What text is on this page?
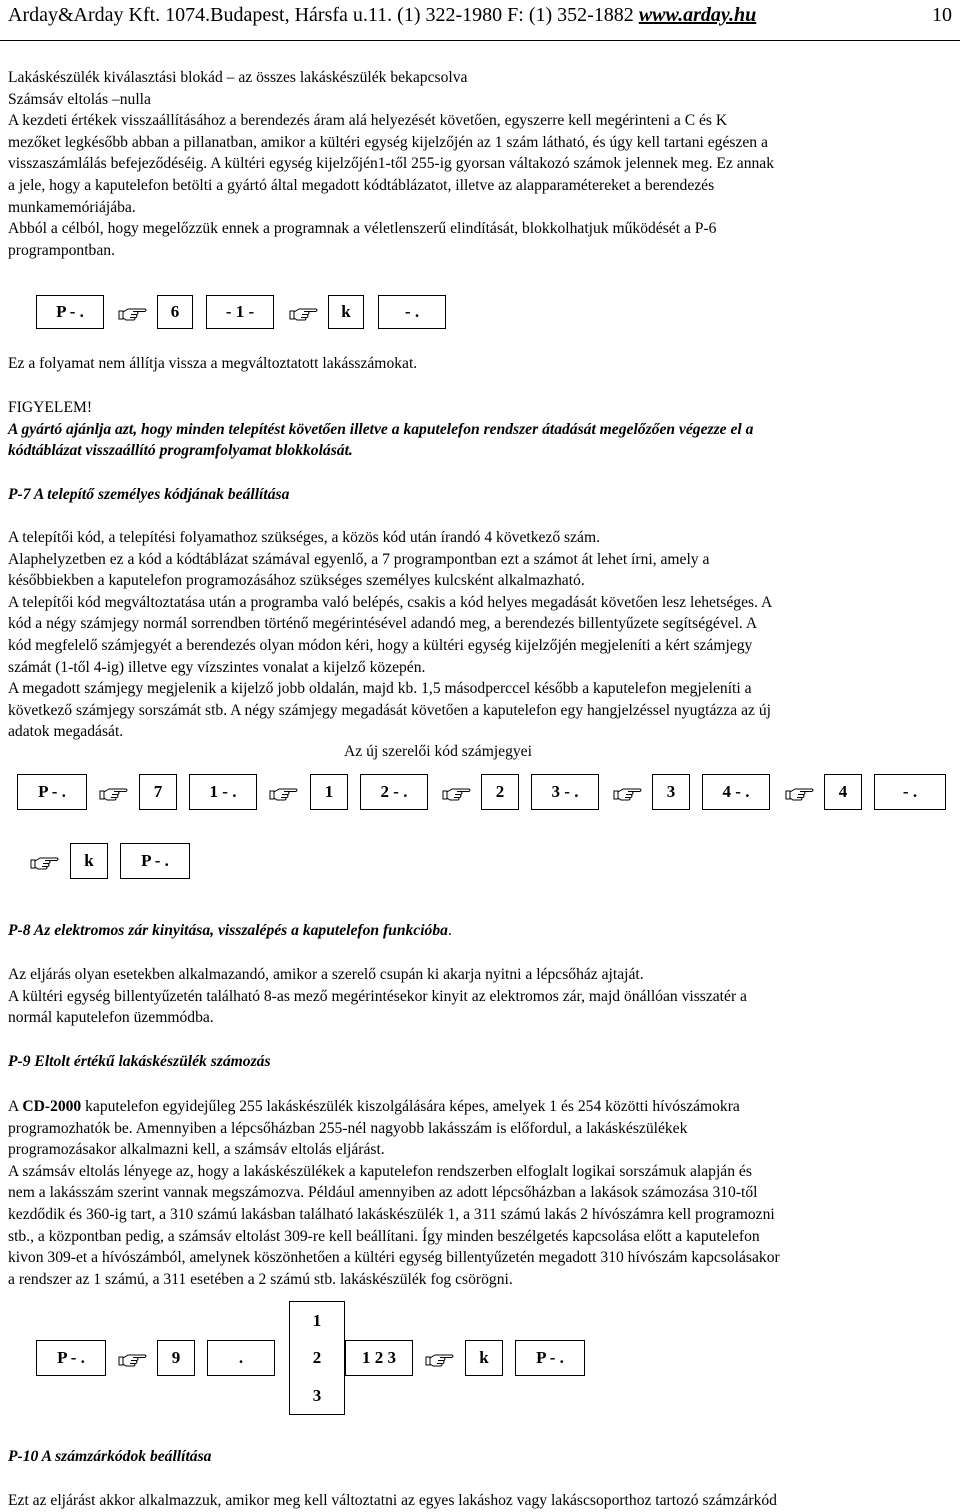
Arday&Arday Kft. 1074.Budapest, Hársfa u.11. (1) 322-1980 F: (1) 352-1882 www.arday.hu	10
Lakáskészülék kiválasztási blokád – az összes lakáskészülék bekapcsolva
Számsáv eltolás –nulla
A kezdeti értékek visszaállításához a berendezés áram alá helyezését követően, egyszerre kell megérinteni a C és K
mezőket legkésőbb abban a pillanatban, amikor a kültéri egység kijelzőjén az 1 szám látható, és úgy kell tartani egészen a
visszaszámlálás befejeződéséig. A kültéri egység kijelzőjén1-től 255-ig gyorsan váltakozó számok jelennek meg. Ez annak
a jele, hogy a kaputelefon betölti a gyártó által megadott kódtáblázatot, illetve az alapparamétereket a berendezés
munkamemóriájába.
Abból a célból, hogy megelőzzük ennek a programnak a véletlenszerű elindítását, blokkolhatjuk működését a P-6
programpontban.
P - .	6	- 1 -	k	- .
Ez a folyamat nem állítja vissza a megváltoztatott lakásszámokat.
FIGYELEM!
A gyártó ajánlja azt, hogy minden telepítést követően illetve a kaputelefon rendszer átadását megelőzően végezze el a
kódtáblázat visszaállító programfolyamat blokkolását.
P-7 A telepítő személyes kódjának beállítása
A telepítői kód, a telepítési folyamathoz szükséges, a közös kód után írandó 4 következő szám.
Alaphelyzetben ez a kód a kódtáblázat számával egyenlő, a 7 programpontban ezt a számot át lehet írni, amely a
későbbiekben a kaputelefon programozásához szükséges személyes kulcsként alkalmazható.
A telepítői kód megváltoztatása után a programba való belépés, csakis a kód helyes megadását követően lesz lehetséges. A
kód a négy számjegy normál sorrendben történő megérintésével adandó meg, a berendezés billentyűzete segítségével. A
kód megfelelő számjegyét a berendezés olyan módon kéri, hogy a kültéri egység kijelzőjén megjeleníti a kért számjegy
számát (1-től 4-ig) illetve egy vízszintes vonalat a kijelző közepén.
A megadott számjegy megjelenik a kijelző jobb oldalán, majd kb. 1,5 másodperccel később a kaputelefon megjeleníti a
következő számjegy sorszámát stb. A négy számjegy megadását követően a kaputelefon egy hangjelzéssel nyugtázza az új
adatok megadását.
Az új szerelői kód számjegyei
P - .	7	1 - .	1	2 - .	2	3 - .	3	4 - .	4	- .
k	P - .
P-8 Az elektromos zár kinyitása, visszalépés a kaputelefon funkcióba.
Az eljárás olyan esetekben alkalmazandó, amikor a szerelő csupán ki akarja nyitni a lépcsőház ajtaját.
A kültéri egység billentyűzetén található 8-as mező megérintésekor kinyit az elektromos zár, majd önállóan visszatér a
normál kaputelefon üzemmódba.
P-9 Eltolt értékű lakáskészülék számozás
A CD-2000 kaputelefon egyidejűleg 255 lakáskészülék kiszolgálására képes, amelyek 1 és 254 közötti hívószámokra
programozhatók be. Amennyiben a lépcsőházban 255-nél nagyobb lakásszám is előfordul, a lakáskészülékek
programozásakor alkalmazni kell, a számsáv eltolás eljárást.
A számsáv eltolás lényege az, hogy a lakáskészülékek a kaputelefon rendszerben elfoglalt logikai sorszámuk alapján és
nem a lakásszám szerint vannak megszámozva. Például amennyiben az adott lépcsőházban a lakások számozása 310-től
kezdődik és 360-ig tart, a 310 számú lakásban található lakáskészülék 1, a 311 számú lakás 2 hívószámra kell programozni
stb., a központban pedig, a számsáv eltolást 309-re kell beállítani. Így minden beszélgetés kapcsolása előtt a kaputelefon
kivon 309-et a hívószámból, amelynek köszönhetően a kültéri egység billentyűzetén megadott 310 hívószám kapcsolásakor
a rendszer az 1 számú, a 311 esetében a 2 számú stb. lakáskészülék fog csörögni.
P - .	9	.
1
2
3
1 2 3	k	P - .
P-10 A számzárkódok beállítása
Ezt az eljárást akkor alkalmazzuk, amikor meg kell változtatni az egyes lakáshoz vagy lakáscsoporthoz tartozó számzárkód
